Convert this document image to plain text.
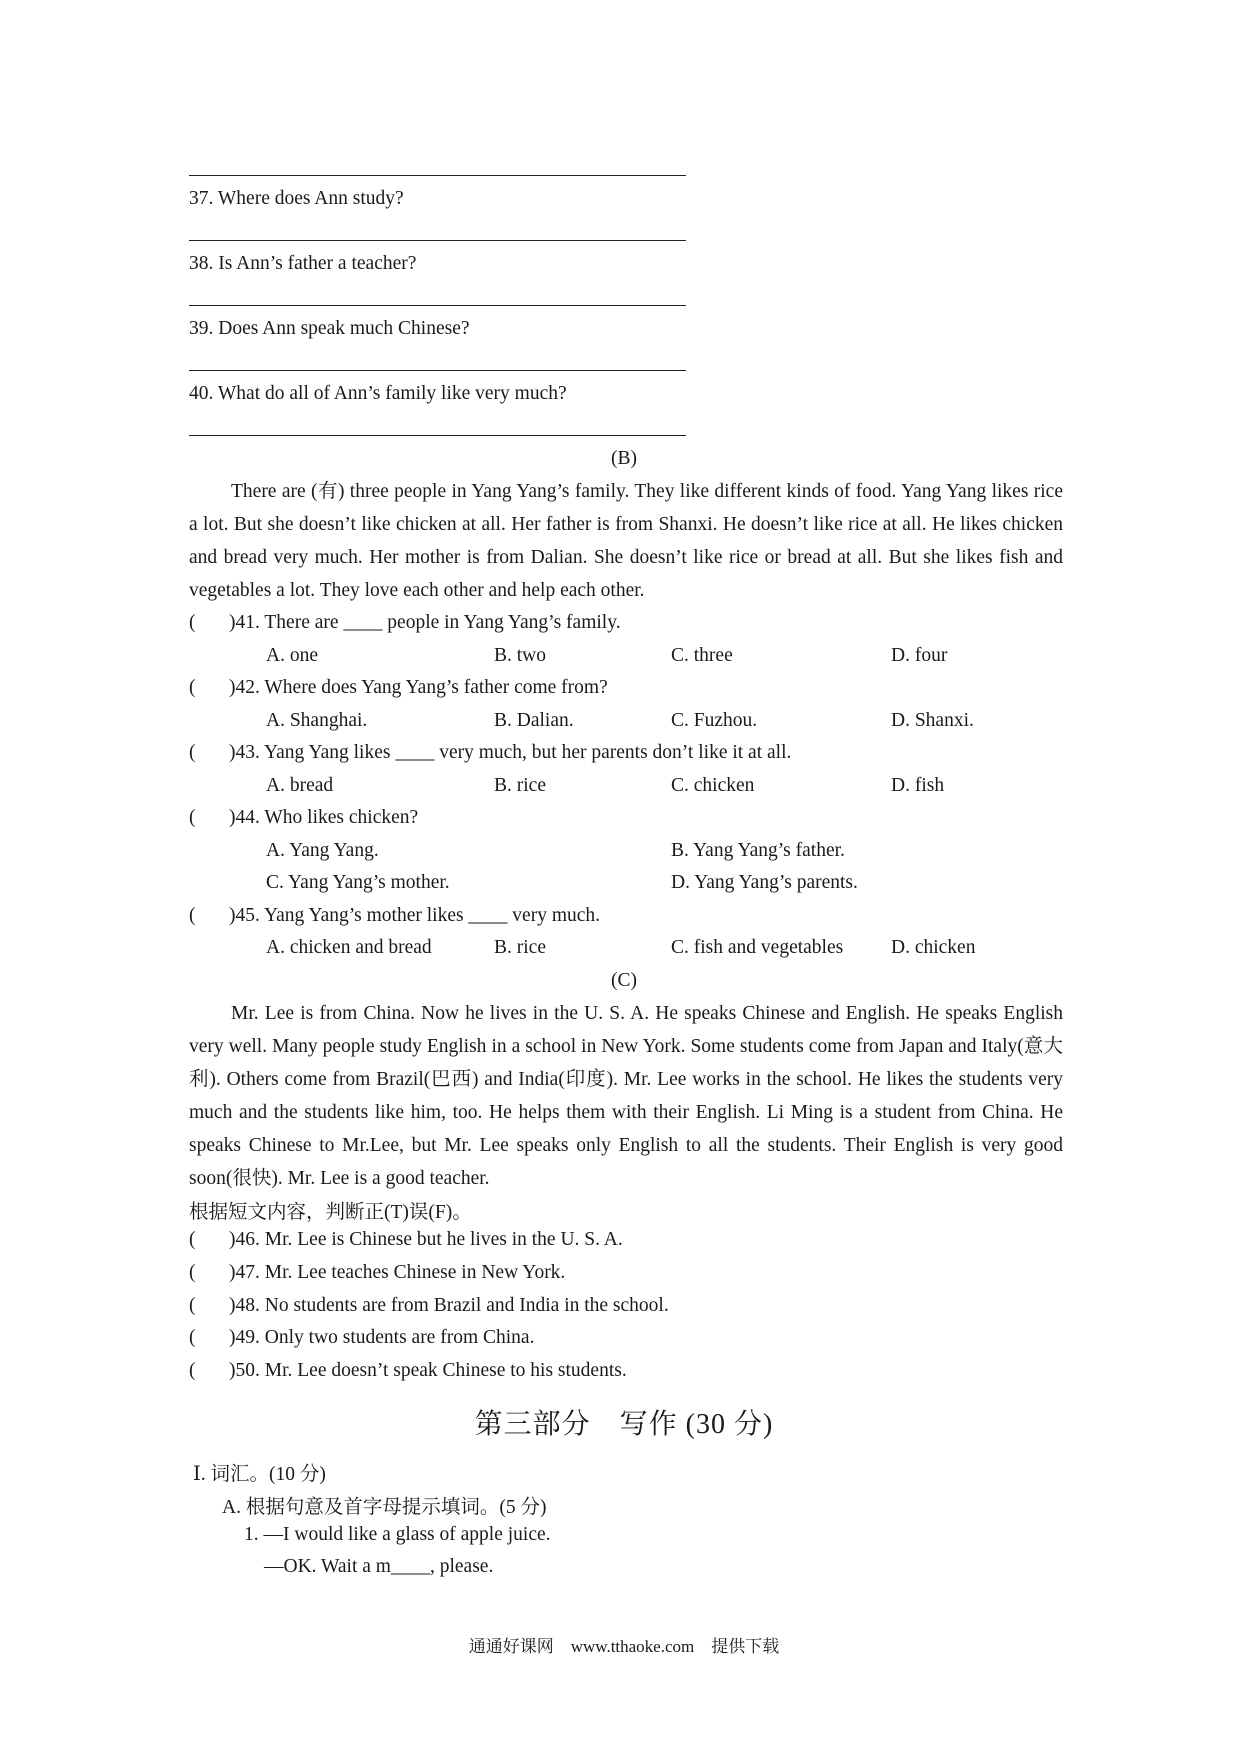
37. Where does Ann study?
38. Is Ann’s father a teacher?
39. Does Ann speak much Chinese?
40. What do all of Ann’s family like very much?
(B)
There are (有) three people in Yang Yang’s family. They like different kinds of food. Yang Yang likes rice a lot. But she doesn’t like chicken at all. Her father is from Shanxi. He doesn’t like rice at all. He likes chicken and bread very much. Her mother is from Dalian. She doesn’t like rice or bread at all. But she likes fish and vegetables a lot. They love each other and help each other.
( )41. There are ____ people in Yang Yang’s family.
A. one	B. two	C. three	D. four
( )42. Where does Yang Yang’s father come from?
A. Shanghai.	B. Dalian.	C. Fuzhou.	D. Shanxi.
( )43. Yang Yang likes ____ very much, but her parents don’t like it at all.
A. bread	B. rice	C. chicken	D. fish
( )44. Who likes chicken?
A. Yang Yang.	B. Yang Yang’s father.
C. Yang Yang’s mother.	D. Yang Yang’s parents.
( )45. Yang Yang’s mother likes ____ very much.
A. chicken and bread	B. rice	C. fish and vegetables D. chicken
(C)
Mr. Lee is from China. Now he lives in the U. S. A. He speaks Chinese and English. He speaks English very well. Many people study English in a school in New York. Some students come from Japan and Italy(意大利). Others come from Brazil(巴西) and India(印度). Mr. Lee works in the school. He likes the students very much and the students like him, too. He helps them with their English. Li Ming is a student from China. He speaks Chinese to Mr.Lee, but Mr. Lee speaks only English to all the students. Their English is very good soon(很快). Mr. Lee is a good teacher.
根据短文内容，判断正(T)误(F)。
( )46. Mr. Lee is Chinese but he lives in the U. S. A.
( )47. Mr. Lee teaches Chinese in New York.
( )48. No students are from Brazil and India in the school.
( )49. Only two students are from China.
( )50. Mr. Lee doesn’t speak Chinese to his students.
第三部分　写作 (30 分)
Ⅰ. 词汇。(10 分)
A. 根据句意及首字母提示填词。(5 分)
1. —I would like a glass of apple juice.
—OK. Wait a m____, please.
通通好课网　www.tthaoke.com　提供下载
